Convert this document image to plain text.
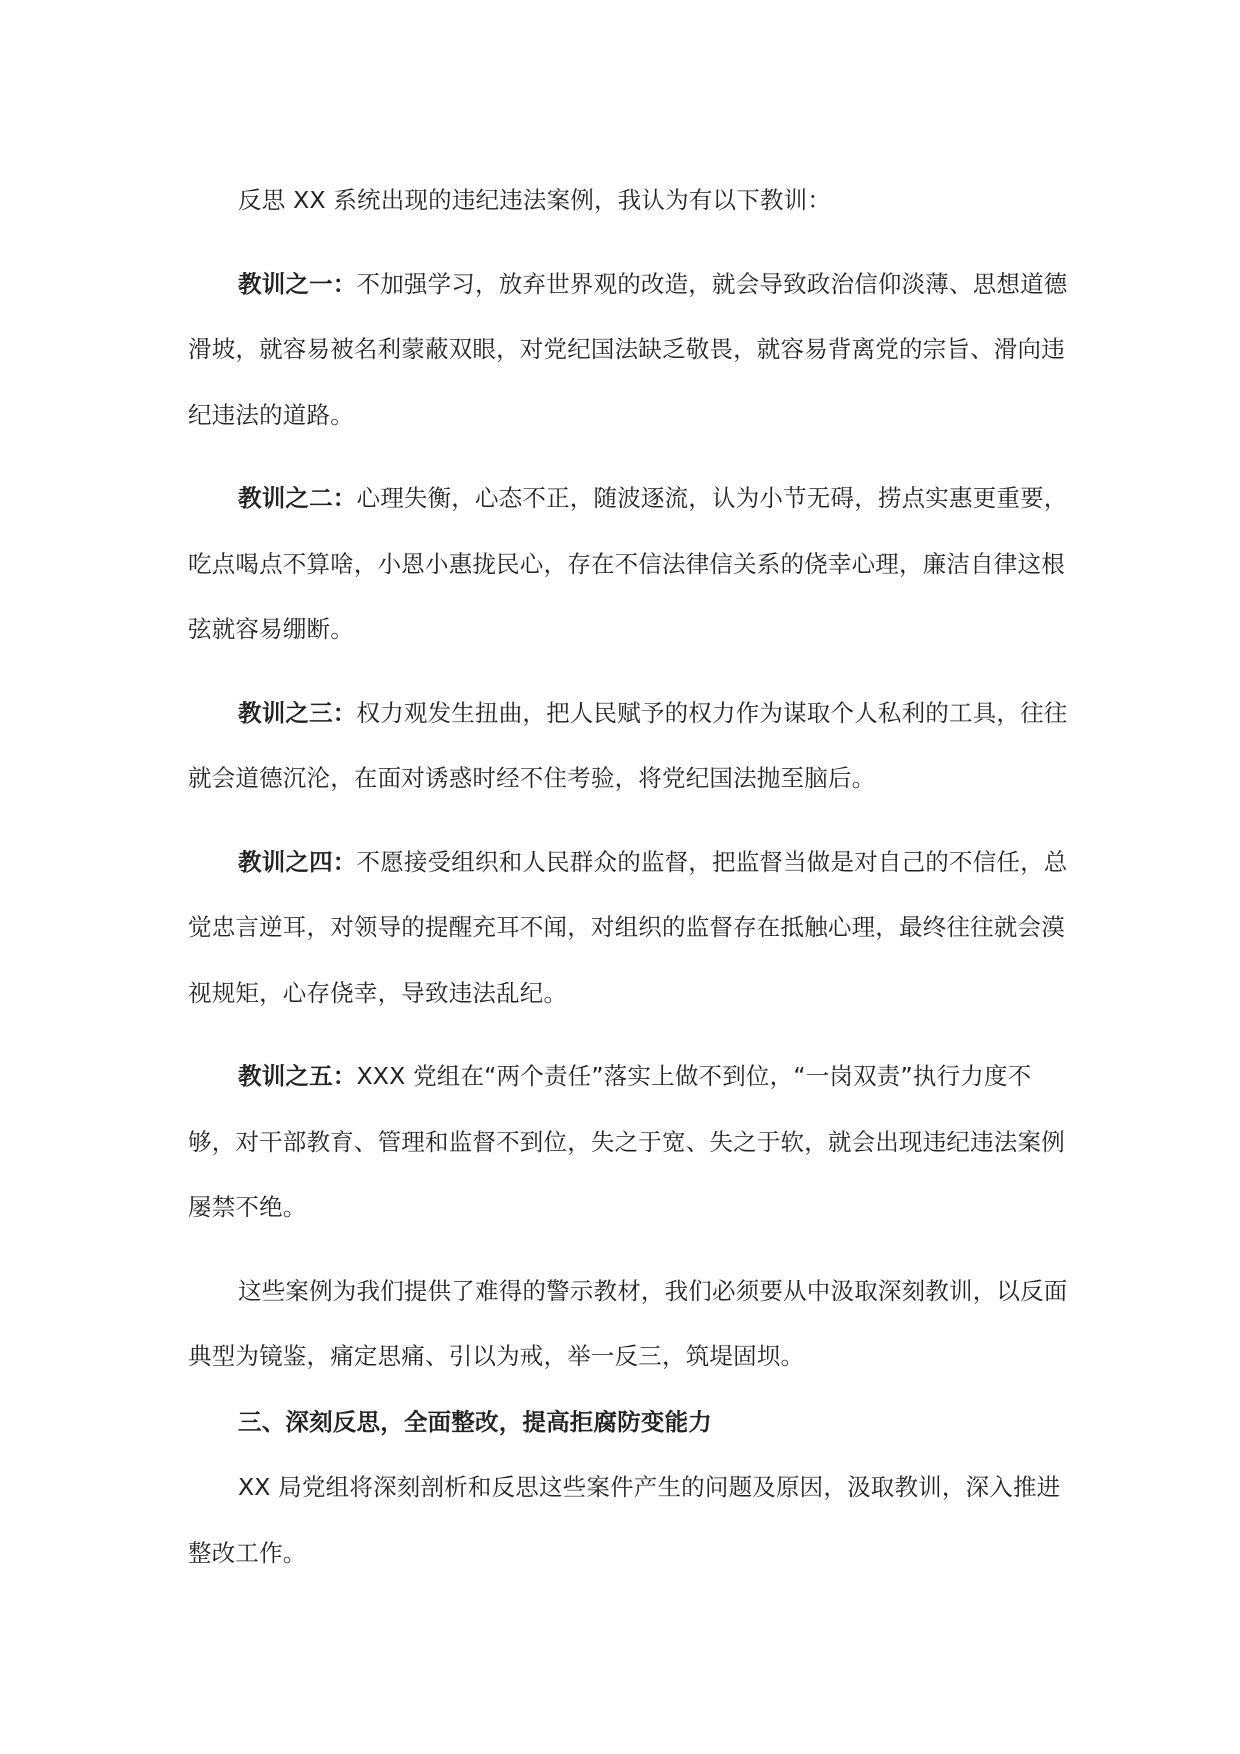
反思 XX 系统出现的违纪违法案例，我认为有以下教训：

教训之一：不加强学习，放弃世界观的改造，就会导致政治信仰淡薄、思想道德滑坡，就容易被名利蒙蔽双眼，对党纪国法缺乏敬畏，就容易背离党的宗旨、滑向违纪违法的道路。

教训之二：心理失衡，心态不正，随波逐流，认为小节无碍，捞点实惠更重要，吃点喝点不算啥，小恩小惠拢民心，存在不信法律信关系的侥幸心理，廉洁自律这根弦就容易绷断。

教训之三：权力观发生扭曲，把人民赋予的权力作为谋取个人私利的工具，往往就会道德沉沦，在面对诱惑时经不住考验，将党纪国法抛至脑后。

教训之四：不愿接受组织和人民群众的监督，把监督当做是对自己的不信任，总觉忠言逆耳，对领导的提醒充耳不闻，对组织的监督存在抵触心理，最终往往就会漠视规矩，心存侥幸，导致违法乱纪。

教训之五：XXX 党组在“两个责任”落实上做不到位，“一岗双责”执行力度不够，对干部教育、管理和监督不到位，失之于宽、失之于软，就会出现违纪违法案例屡禁不绝。

这些案例为我们提供了难得的警示教材，我们必须要从中汲取深刻教训，以反面典型为镜鉴，痛定思痛、引以为戒，举一反三，筑堤固坝。

三、深刻反思，全面整改，提高拒腐防变能力

XX 局党组将深刻剖析和反思这些案件产生的问题及原因，汲取教训，深入推进整改工作。
